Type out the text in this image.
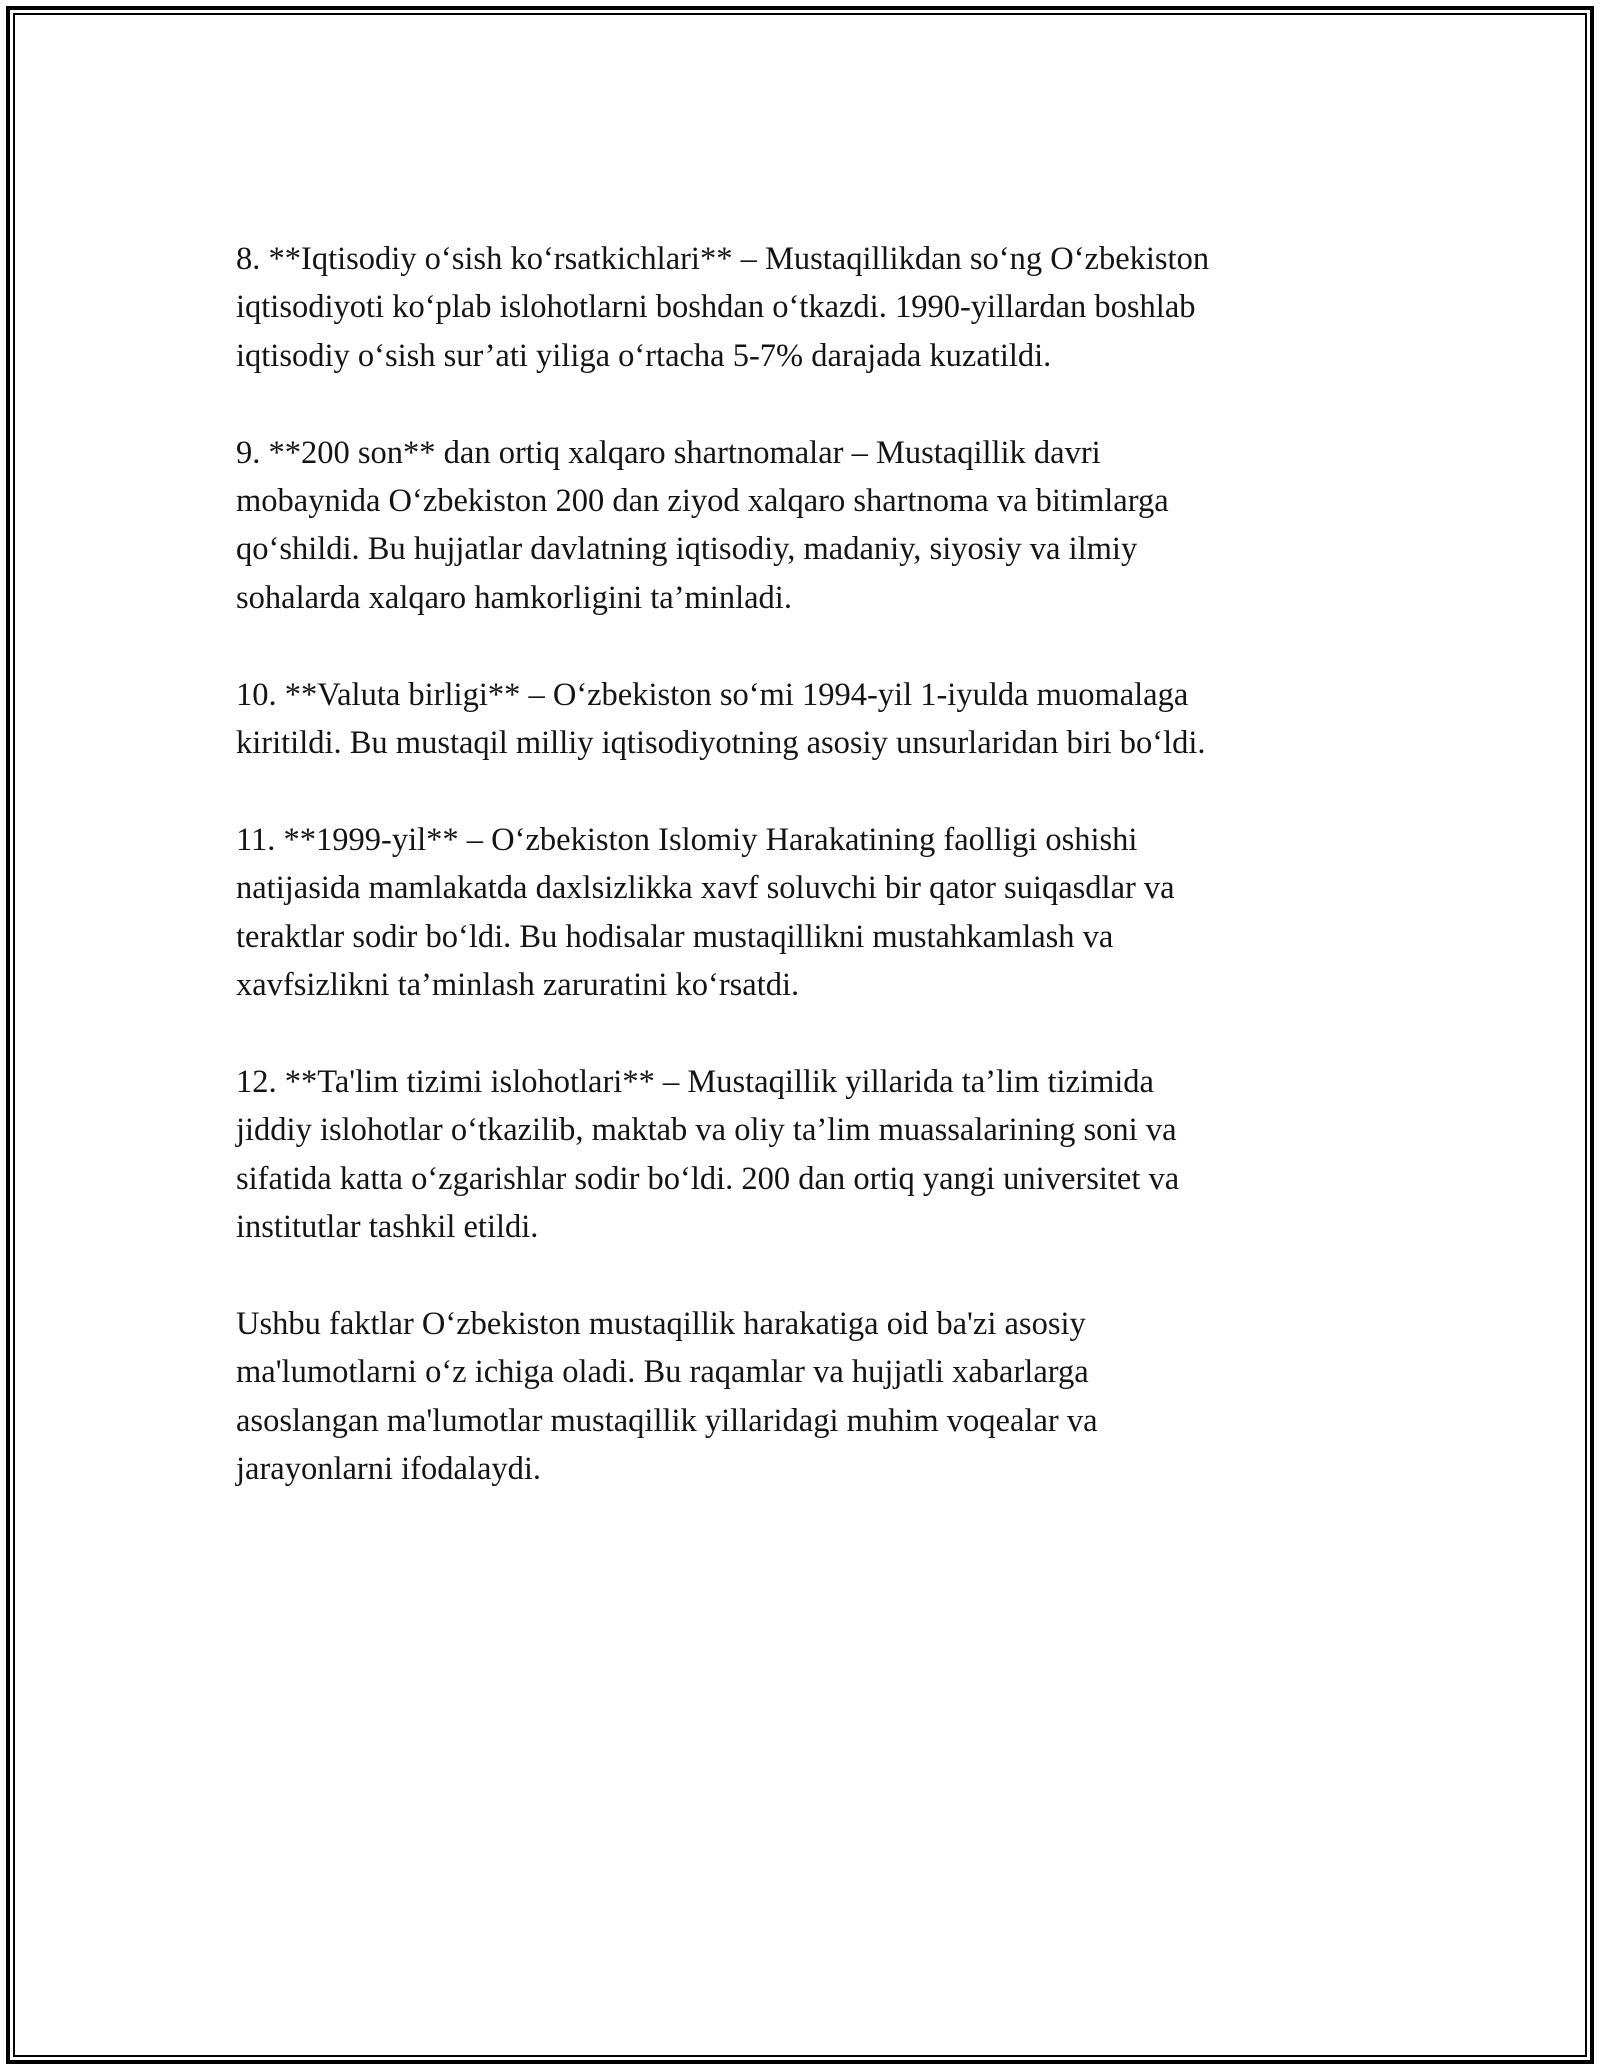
8. **Iqtisodiy o‘sish ko‘rsatkichlari** – Mustaqillikdan so‘ng O‘zbekiston
iqtisodiyoti ko‘plab islohotlarni boshdan o‘tkazdi. 1990-yillardan boshlab
iqtisodiy o‘sish sur’ati yiliga o‘rtacha 5-7% darajada kuzatildi.

9. **200 son** dan ortiq xalqaro shartnomalar – Mustaqillik davri
mobaynida O‘zbekiston 200 dan ziyod xalqaro shartnoma va bitimlarga
qo‘shildi. Bu hujjatlar davlatning iqtisodiy, madaniy, siyosiy va ilmiy
sohalarda xalqaro hamkorligini ta’minladi.

10. **Valuta birligi** – O‘zbekiston so‘mi 1994-yil 1-iyulda muomalaga
kiritildi. Bu mustaqil milliy iqtisodiyotning asosiy unsurlaridan biri bo‘ldi.

11. **1999-yil** – O‘zbekiston Islomiy Harakatining faolligi oshishi
natijasida mamlakatda daxlsizlikka xavf soluvchi bir qator suiqasdlar va
teraktlar sodir bo‘ldi. Bu hodisalar mustaqillikni mustahkamlash va
xavfsizlikni ta’minlash zaruratini ko‘rsatdi.

12. **Ta'lim tizimi islohotlari** – Mustaqillik yillarida ta’lim tizimida
jiddiy islohotlar o‘tkazilib, maktab va oliy ta’lim muassalarining soni va
sifatida katta o‘zgarishlar sodir bo‘ldi. 200 dan ortiq yangi universitet va
institutlar tashkil etildi.

Ushbu faktlar O‘zbekiston mustaqillik harakatiga oid ba'zi asosiy
ma'lumotlarni o‘z ichiga oladi. Bu raqamlar va hujjatli xabarlarga
asoslangan ma'lumotlar mustaqillik yillaridagi muhim voqealar va
jarayonlarni ifodalaydi.
